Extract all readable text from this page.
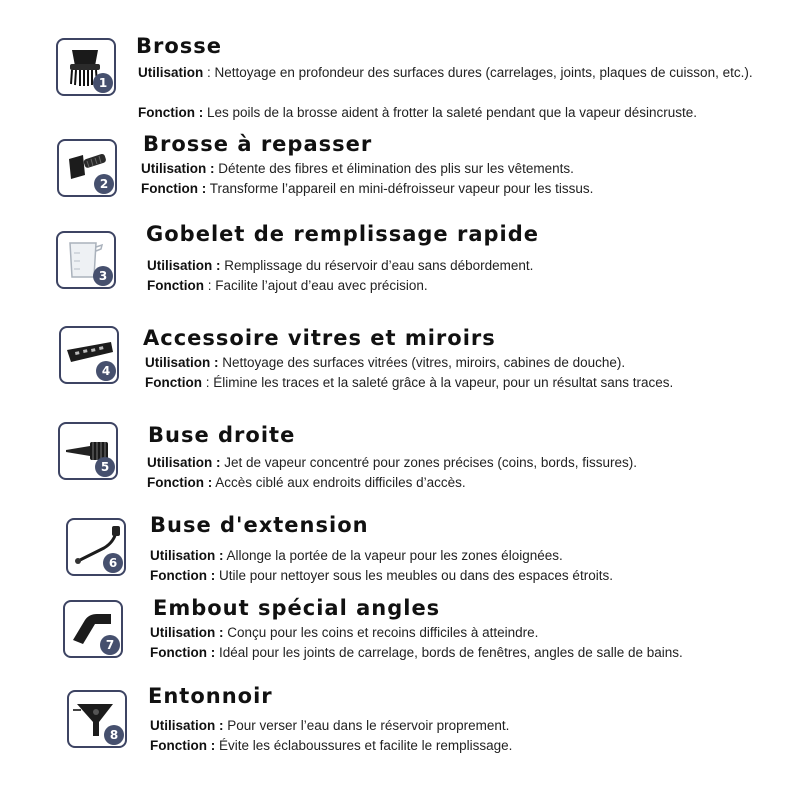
1
Brosse
Utilisation : Nettoyage en profondeur des surfaces dures (carrelages, joints, plaques de cuisson, etc.).
Fonction : Les poils de la brosse aident à frotter la saleté pendant que la vapeur désincruste.
2
Brosse à repasser
Utilisation : Détente des fibres et élimination des plis sur les vêtements.
Fonction : Transforme l’appareil en mini-défroisseur vapeur pour les tissus.
3
Gobelet de remplissage rapide
Utilisation : Remplissage du réservoir d’eau sans débordement.
Fonction : Facilite l’ajout d’eau avec précision.
4
Accessoire vitres et miroirs
Utilisation : Nettoyage des surfaces vitrées (vitres, miroirs, cabines de douche).
Fonction : Élimine les traces et la saleté grâce à la vapeur, pour un résultat sans traces.
5
Buse droite
Utilisation : Jet de vapeur concentré pour zones précises (coins, bords, fissures).
Fonction : Accès ciblé aux endroits difficiles d’accès.
6
Buse d'extension
Utilisation : Allonge la portée de la vapeur pour les zones éloignées.
Fonction : Utile pour nettoyer sous les meubles ou dans des espaces étroits.
7
Embout spécial angles
Utilisation : Conçu pour les coins et recoins difficiles à atteindre.
Fonction : Idéal pour les joints de carrelage, bords de fenêtres, angles de salle de bains.
8
Entonnoir
Utilisation : Pour verser l’eau dans le réservoir proprement.
Fonction : Évite les éclaboussures et facilite le remplissage.
